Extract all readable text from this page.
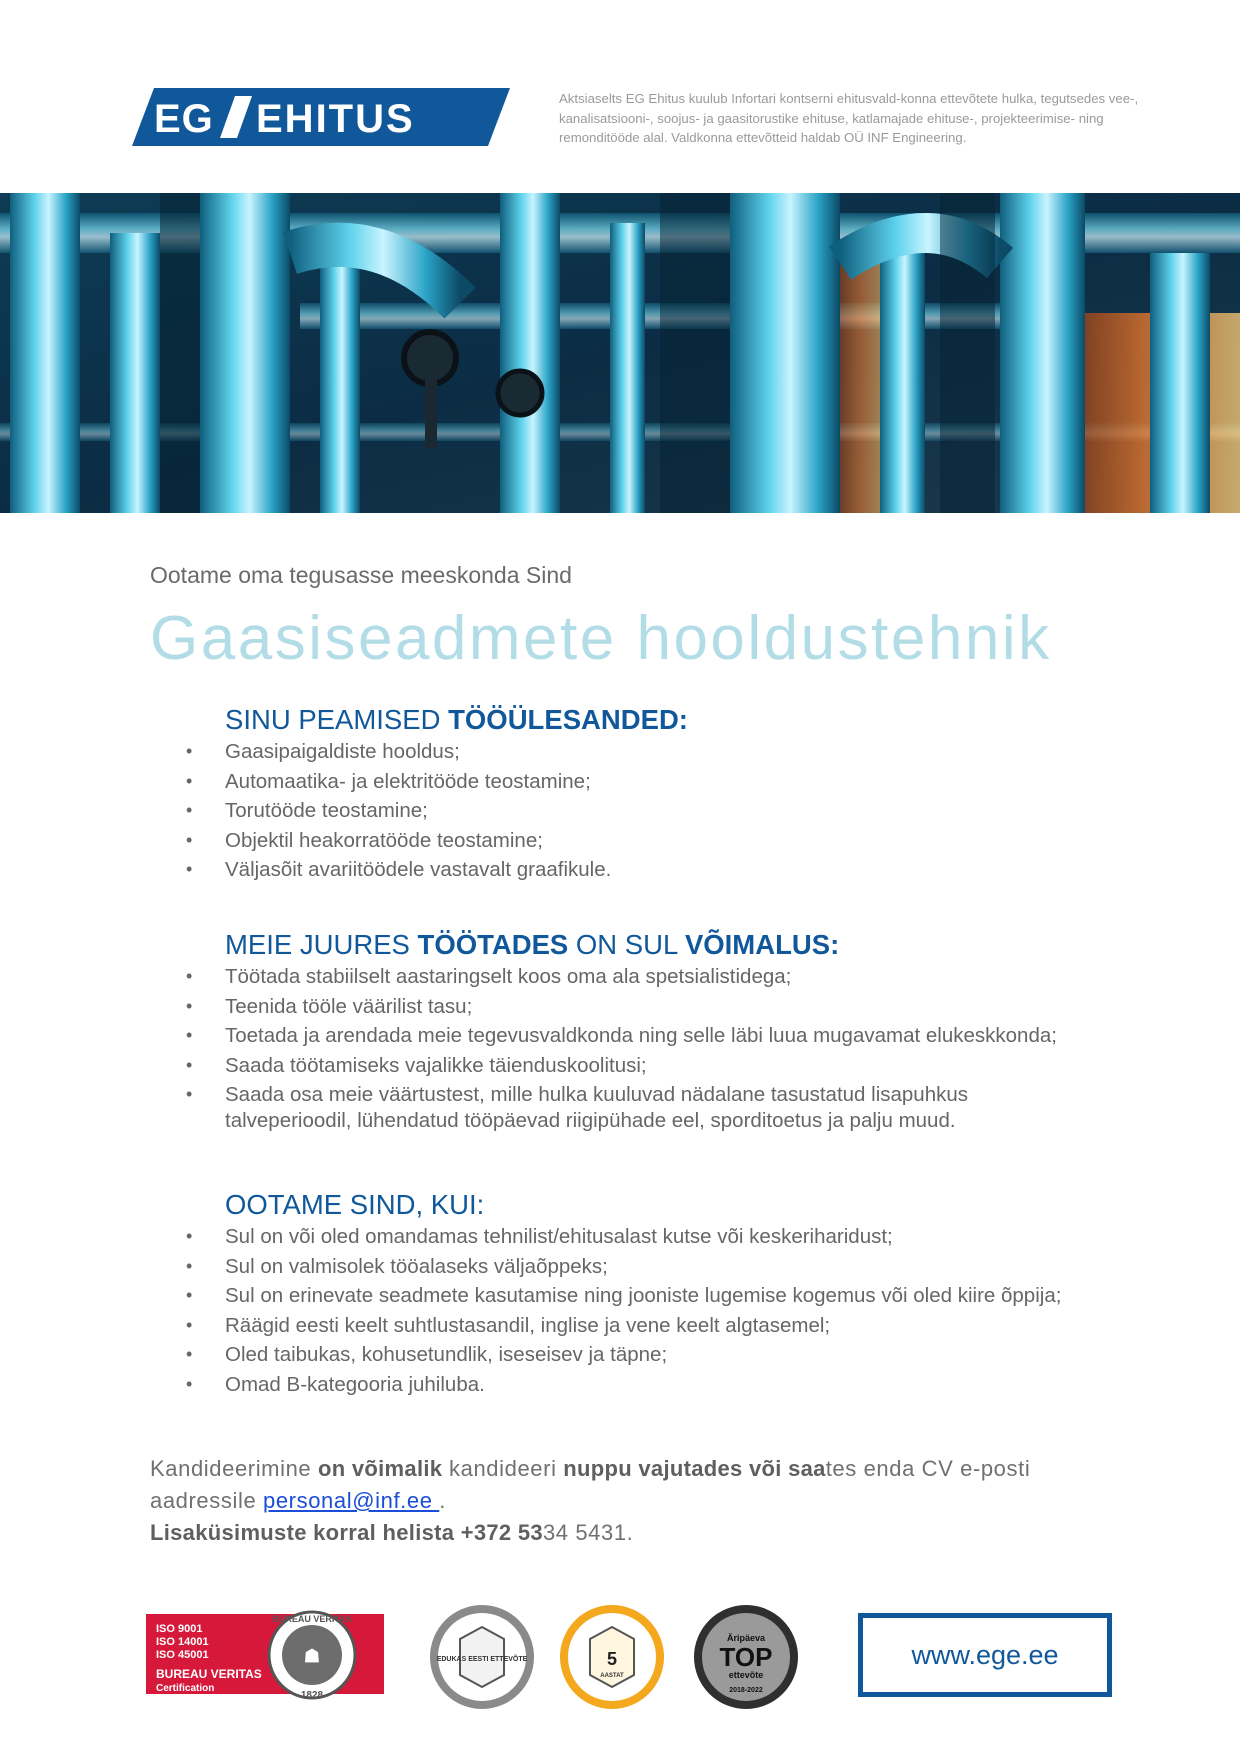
EG EHITUS	Aktsiaselts EG Ehitus kuulub Infortari kontserni ehitusvald-konna ettevõtete hulka, tegutsedes vee-, kanalisatsiooni-, soojus- ja gaasitorustike ehituse, katlamajade ehituse-, projekteerimise- ning remonditööde alal. Valdkonna ettevõtteid haldab OÜ INF Engineering.
Ootame oma tegusasse meeskonda Sind
Gaasiseadmete hooldustehnik
SINU PEAMISED TÖÖÜLESANDED:
• Gaasipaigaldiste hooldus;
• Automaatika- ja elektritööde teostamine;
• Torutööde teostamine;
• Objektil heakorratööde teostamine;
• Väljasõit avariitöödele vastavalt graafikule.
MEIE JUURES TÖÖTADES ON SUL VÕIMALUS:
• Töötada stabiilselt aastaringselt koos oma ala spetsialistidega;
• Teenida tööle väärilist tasu;
• Toetada ja arendada meie tegevusvaldkonda ning selle läbi luua mugavamat elukeskkonda;
• Saada töötamiseks vajalikke täienduskoolitusi;
• Saada osa meie väärtustest, mille hulka kuuluvad nädalane tasustatud lisapuhkus talveperioodil, lühendatud tööpäevad riigipühade eel, sporditoetus ja palju muud.
OOTAME SIND, KUI:
• Sul on või oled omandamas tehnilist/ehitusalast kutse või keskeriharidust;
• Sul on valmisolek tööalaseks väljaõppeks;
• Sul on erinevate seadmete kasutamise ning jooniste lugemise kogemus või oled kiire õppija;
• Räägid eesti keelt suhtlustasandil, inglise ja vene keelt algtasemel;
• Oled taibukas, kohusetundlik, iseseisev ja täpne;
• Omad B-kategooria juhiluba.
Kandideerimine on võimalik kandideeri nuppu vajutades või saates enda CV e-posti aadressile personal@inf.ee .
Lisaküsimuste korral helista +372 5334 5431.
ISO 9001
ISO 14001
ISO 45001
BUREAU VERITAS
Certification
BUREAU VERITAS
1828
☗	EDUKAS EESTI ETTEVÕTE	5
AASTAT
Äripäeva
TOP
ettevõte
2018-2022
www.ege.ee
